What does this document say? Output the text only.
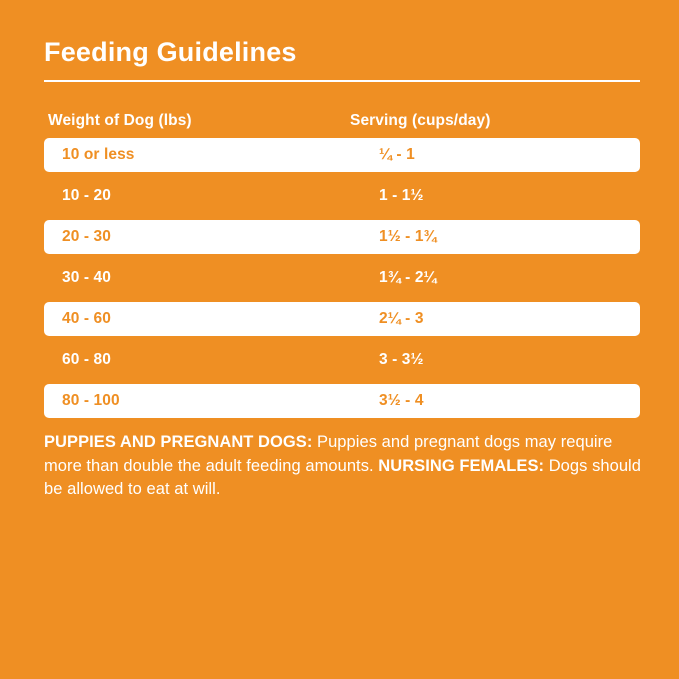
Feeding Guidelines
Weight of Dog (lbs)	Serving (cups/day)
10 or less	¼ - 1
10 - 20	1 - 1½
20 - 30	1½ - 1¾
30 - 40	1¾ - 2¼
40 - 60	2¼ - 3
60 - 80	3 - 3½
80 - 100	3½ - 4

PUPPIES AND PREGNANT DOGS: Puppies and pregnant dogs may require more than double the adult feeding amounts. NURSING FEMALES: Dogs should be allowed to eat at will.
